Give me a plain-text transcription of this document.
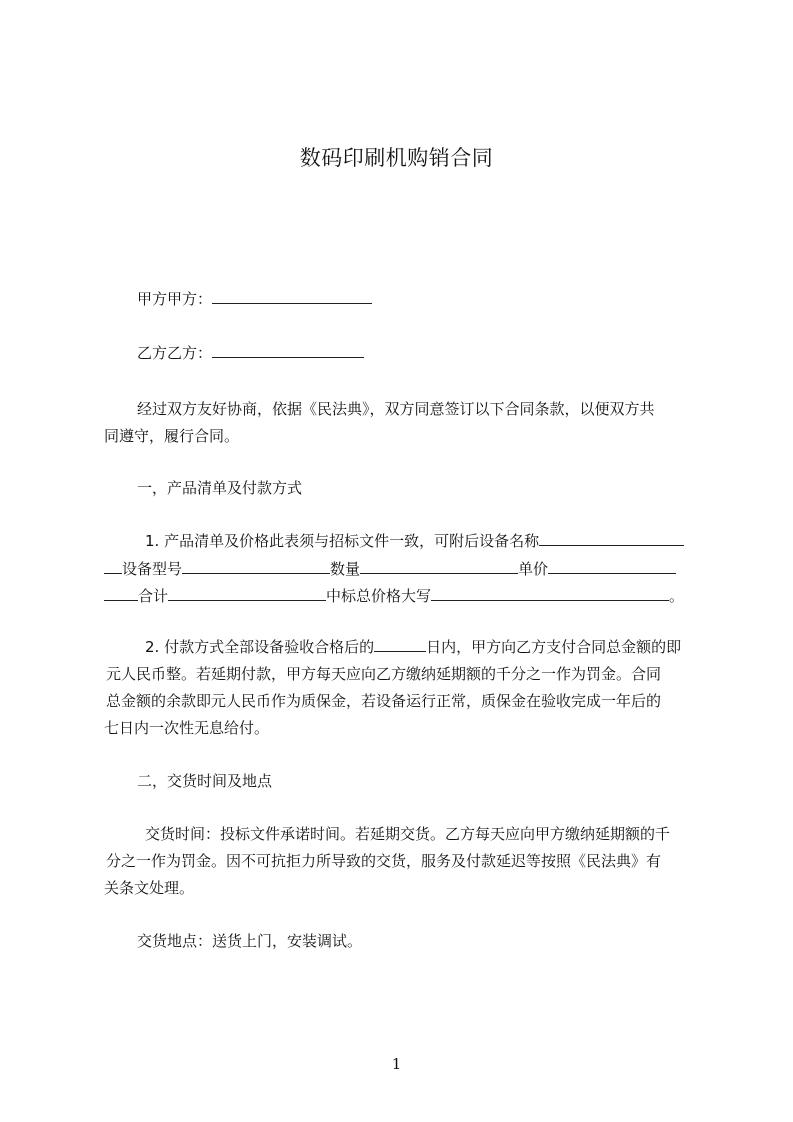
数码印刷机购销合同
甲方甲方：
乙方乙方：
经过双方友好协商，依据《民法典》，双方同意签订以下合同条款，以便双方共
同遵守，履行合同。
一，产品清单及付款方式
1. 产品清单及价格此表须与招标文件一致，可附后设备名称
设备型号	数量	单价
合计	中标总价格大写	。
2. 付款方式全部设备验收合格后的	日内，甲方向乙方支付合同总金额的即
元人民币整。若延期付款，甲方每天应向乙方缴纳延期额的千分之一作为罚金。合同
总金额的余款即元人民币作为质保金，若设备运行正常，质保金在验收完成一年后的
七日内一次性无息给付。
二，交货时间及地点
交货时间：投标文件承诺时间。若延期交货。乙方每天应向甲方缴纳延期额的千
分之一作为罚金。因不可抗拒力所导致的交货，服务及付款延迟等按照《民法典》有
关条文处理。
交货地点：送货上门，安装调试。
1
